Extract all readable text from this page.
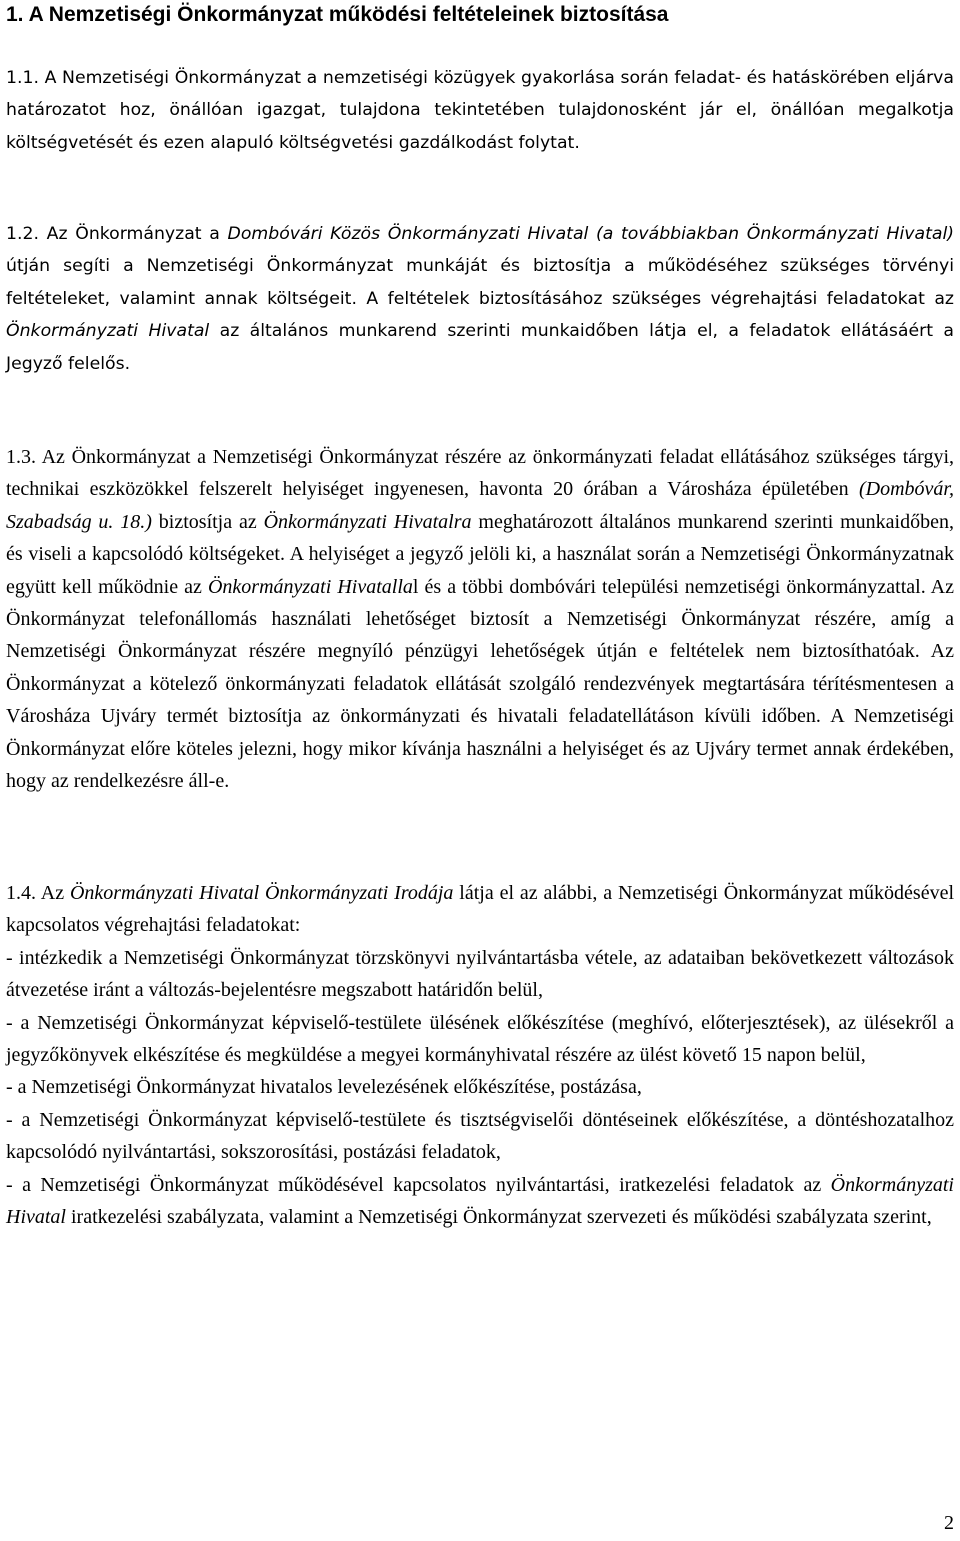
1. A Nemzetiségi Önkormányzat működési feltételeinek biztosítása

1.1. A Nemzetiségi Önkormányzat a nemzetiségi közügyek gyakorlása során feladat- és hatáskörében eljárva határozatot hoz, önállóan igazgat, tulajdona tekintetében tulajdonosként jár el, önállóan megalkotja költségvetését és ezen alapuló költségvetési gazdálkodást folytat.

1.2. Az Önkormányzat a Dombóvári Közös Önkormányzati Hivatal (a továbbiakban Önkormányzati Hivatal) útján segíti a Nemzetiségi Önkormányzat munkáját és biztosítja a működéséhez szükséges törvényi feltételeket, valamint annak költségeit. A feltételek biztosításához szükséges végrehajtási feladatokat az Önkormányzati Hivatal az általános munkarend szerinti munkaidőben látja el, a feladatok ellátásáért a Jegyző felelős.

1.3. Az Önkormányzat a Nemzetiségi Önkormányzat részére az önkormányzati feladat ellátásához szükséges tárgyi, technikai eszközökkel felszerelt helyiséget ingyenesen, havonta 20 órában a Városháza épületében (Dombóvár, Szabadság u. 18.) biztosítja az Önkormányzati Hivatalra meghatározott általános munkarend szerinti munkaidőben, és viseli a kapcsolódó költségeket. A helyiséget a jegyző jelöli ki, a használat során a Nemzetiségi Önkormányzatnak együtt kell működnie az Önkormányzati Hivatallal és a többi dombóvári települési nemzetiségi önkormányzattal. Az Önkormányzat telefonállomás használati lehetőséget biztosít a Nemzetiségi Önkormányzat részére, amíg a Nemzetiségi Önkormányzat részére megnyíló pénzügyi lehetőségek útján e feltételek nem biztosíthatóak. Az Önkormányzat a kötelező önkormányzati feladatok ellátását szolgáló rendezvények megtartására térítésmentesen a Városháza Ujváry termét biztosítja az önkormányzati és hivatali feladatellátáson kívüli időben. A Nemzetiségi Önkormányzat előre köteles jelezni, hogy mikor kívánja használni a helyiséget és az Ujváry termet annak érdekében, hogy az rendelkezésre áll-e.

1.4. Az Önkormányzati Hivatal Önkormányzati Irodája látja el az alábbi, a Nemzetiségi Önkormányzat működésével kapcsolatos végrehajtási feladatokat:
- intézkedik a Nemzetiségi Önkormányzat törzskönyvi nyilvántartásba vétele, az adataiban bekövetkezett változások átvezetése iránt a változás-bejelentésre megszabott határidőn belül,
- a Nemzetiségi Önkormányzat képviselő-testülete ülésének előkészítése (meghívó, előterjesztések), az ülésekről a jegyzőkönyvek elkészítése és megküldése a megyei kormányhivatal részére az ülést követő 15 napon belül,
- a Nemzetiségi Önkormányzat hivatalos levelezésének előkészítése, postázása,
- a Nemzetiségi Önkormányzat képviselő-testülete és tisztségviselői döntéseinek előkészítése, a döntéshozatalhoz kapcsolódó nyilvántartási, sokszorosítási, postázási feladatok,
- a Nemzetiségi Önkormányzat működésével kapcsolatos nyilvántartási, iratkezelési feladatok az Önkormányzati Hivatal iratkezelési szabályzata, valamint a Nemzetiségi Önkormányzat szervezeti és működési szabályzata szerint,

2
